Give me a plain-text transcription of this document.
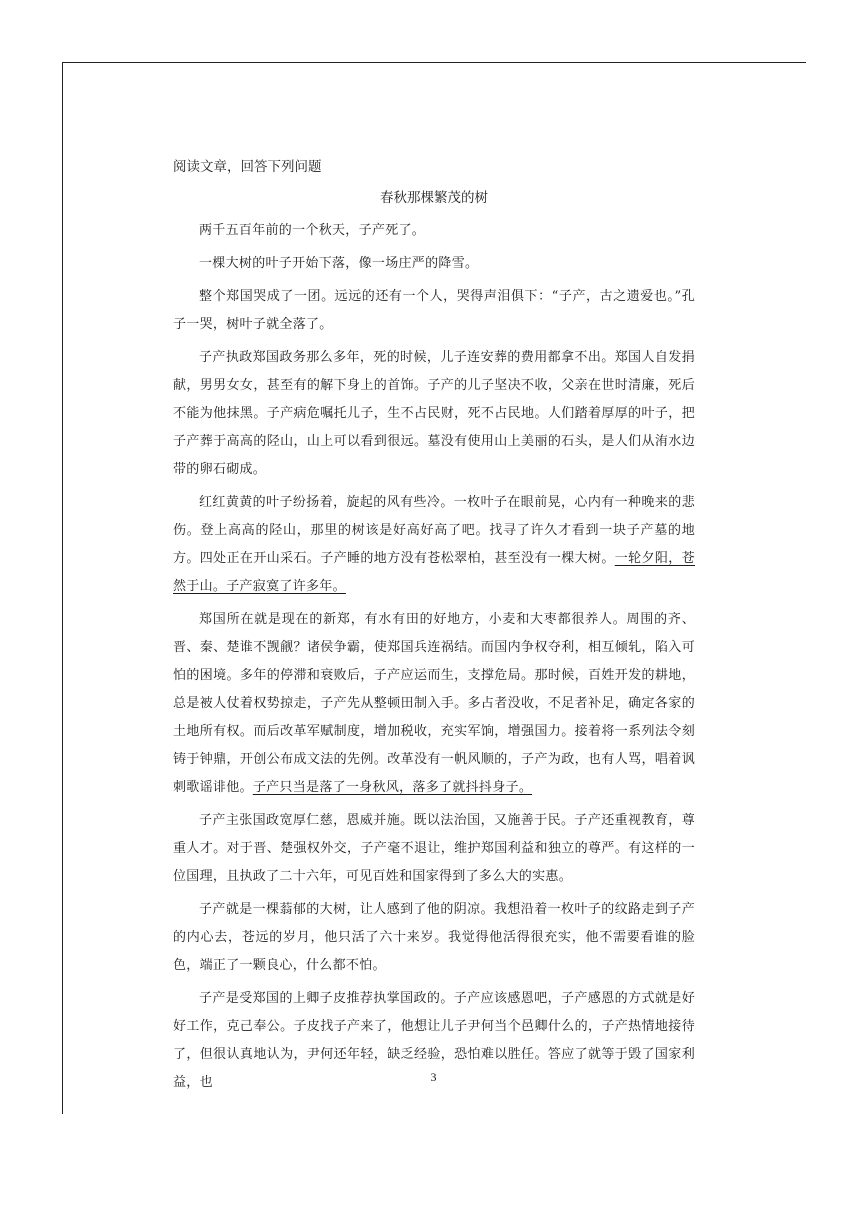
阅读文章，回答下列问题
春秋那棵繁茂的树

两千五百年前的一个秋天，子产死了。

一棵大树的叶子开始下落，像一场庄严的降雪。

整个郑国哭成了一团。远远的还有一个人，哭得声泪俱下：“子产，古之遗爱也。”孔子一哭，树叶子就全落了。

子产执政郑国政务那么多年，死的时候，儿子连安葬的费用都拿不出。郑国人自发捐献，男男女女，甚至有的解下身上的首饰。子产的儿子坚决不收，父亲在世时清廉，死后不能为他抹黑。子产病危嘱托儿子，生不占民财，死不占民地。人们踏着厚厚的叶子，把子产葬于高高的陉山，山上可以看到很远。墓没有使用山上美丽的石头，是人们从洧水边带的卵石砌成。

红红黄黄的叶子纷扬着，旋起的风有些冷。一枚叶子在眼前晃，心内有一种晚来的悲伤。登上高高的陉山，那里的树该是好高好高了吧。找寻了许久才看到一块子产墓的地方。四处正在开山采石。子产睡的地方没有苍松翠柏，甚至没有一棵大树。一轮夕阳，苍然于山。子产寂寞了许多年。

郑国所在就是现在的新郑，有水有田的好地方，小麦和大枣都很养人。周围的齐、晋、秦、楚谁不觊觎？诸侯争霸，使郑国兵连祸结。而国内争权夺利，相互倾轧，陷入可怕的困境。多年的停滞和衰败后，子产应运而生，支撑危局。那时候，百姓开发的耕地，总是被人仗着权势掠走，子产先从整顿田制入手。多占者没收，不足者补足，确定各家的土地所有权。而后改革军赋制度，增加税收，充实军饷，增强国力。接着将一系列法令刻铸于钟鼎，开创公布成文法的先例。改革没有一帆风顺的，子产为政，也有人骂，唱着讽刺歌谣诽他。子产只当是落了一身秋风，落多了就抖抖身子。

子产主张国政宽厚仁慈，恩威并施。既以法治国，又施善于民。子产还重视教育，尊重人才。对于晋、楚强权外交，子产毫不退让，维护郑国利益和独立的尊严。有这样的一位国理，且执政了二十六年，可见百姓和国家得到了多么大的实惠。

子产就是一棵蓊郁的大树，让人感到了他的阴凉。我想沿着一枚叶子的纹路走到子产的内心去，苍远的岁月，他只活了六十来岁。我觉得他活得很充实，他不需要看谁的脸色，端正了一颗良心，什么都不怕。

子产是受郑国的上卿子皮推荐执掌国政的。子产应该感恩吧，子产感恩的方式就是好好工作，克己奉公。子皮找子产来了，他想让儿子尹何当个邑卿什么的，子产热情地接待了，但很认真地认为，尹何还年轻，缺乏经验，恐怕难以胜任。答应了就等于毁了国家利益，也	3
